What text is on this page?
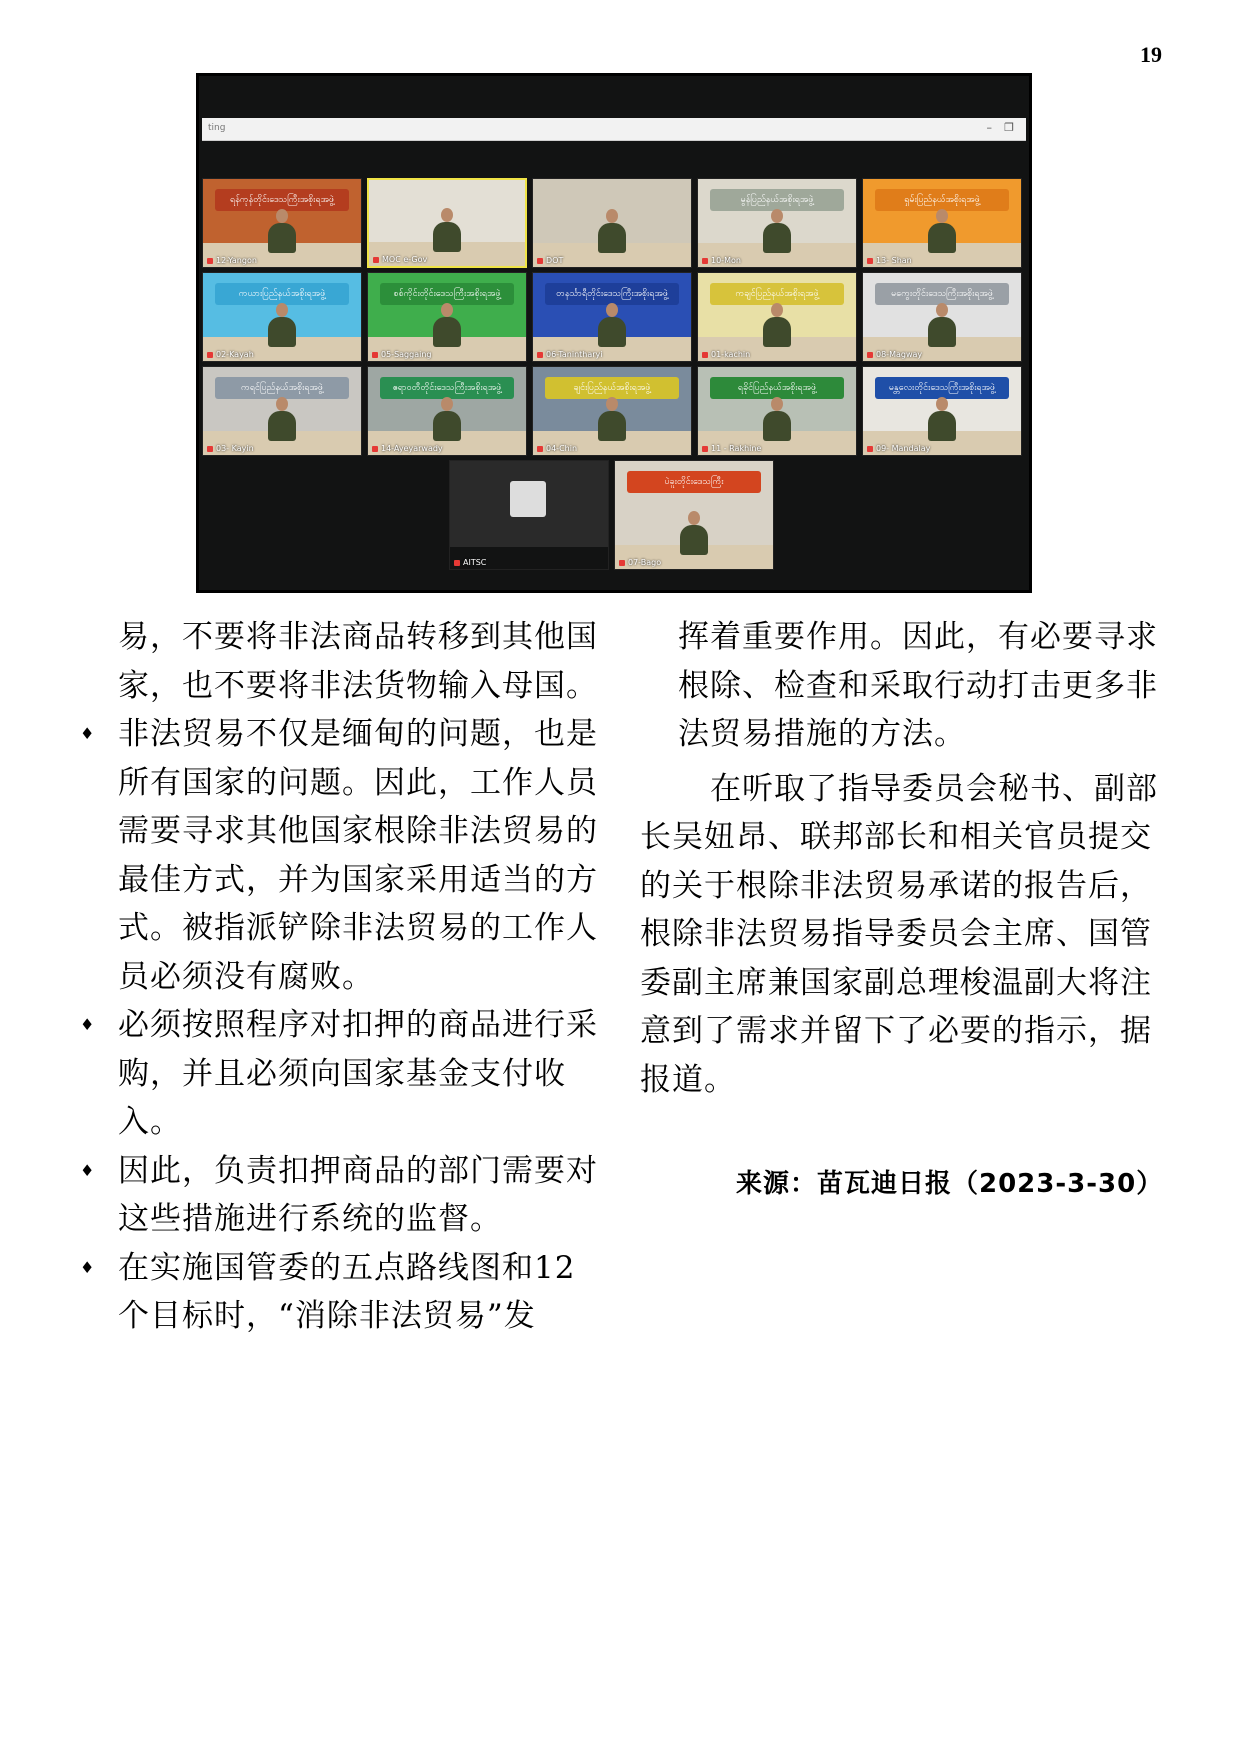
19
ting	– ❐
ရန်ကုန်တိုင်းဒေသကြီးအစိုးရအဖွဲ့
12-Yangon	MOC e-Gov	DOT
မွန်ပြည်နယ်အစိုးရအဖွဲ့
10-Mon
ရှမ်းပြည်နယ်အစိုးရအဖွဲ့
13- Shan
ကယားပြည်နယ်အစိုးရအဖွဲ့
02-Kayah
စစ်ကိုင်းတိုင်းဒေသကြီးအစိုးရအဖွဲ့
05-Saggaing
တနင်္သာရီတိုင်းဒေသကြီးအစိုးရအဖွဲ့
06-Tanintharyi
ကချင်ပြည်နယ်အစိုးရအဖွဲ့
01-kachin
မကွေးတိုင်းဒေသကြီးအစိုးရအဖွဲ့
08-Magway
ကရင်ပြည်နယ်အစိုးရအဖွဲ့
03- Kayin
ဧရာဝတီတိုင်းဒေသကြီးအစိုးရအဖွဲ့
14-Ayeyarwady
ချင်းပြည်နယ်အစိုးရအဖွဲ့
04-Chin
ရခိုင်ပြည်နယ်အစိုးရအဖွဲ့
11 - Rakhine
မန္တလေးတိုင်းဒေသကြီးအစိုးရအဖွဲ့
09- Mandalay
AITSC
ပဲခူးတိုင်းဒေသကြီး
07-Bago

易，不要将非法商品转移到其他国家，也不要将非法货物输入母国。

♦ 非法贸易不仅是缅甸的问题，也是所有国家的问题。因此，工作人员需要寻求其他国家根除非法贸易的最佳方式，并为国家采用适当的方式。被指派铲除非法贸易的工作人员必须没有腐败。

♦ 必须按照程序对扣押的商品进行采购，并且必须向国家基金支付收入。

♦ 因此，负责扣押商品的部门需要对这些措施进行系统的监督。

♦ 在实施国管委的五点路线图和12个目标时，“消除非法贸易”发

挥着重要作用。因此，有必要寻求根除、检查和采取行动打击更多非法贸易措施的方法。

在听取了指导委员会秘书、副部长吴妞昂、联邦部长和相关官员提交的关于根除非法贸易承诺的报告后，根除非法贸易指导委员会主席、国管委副主席兼国家副总理梭温副大将注意到了需求并留下了必要的指示，据报道。

来源：苗瓦迪日报（2023-3-30）
